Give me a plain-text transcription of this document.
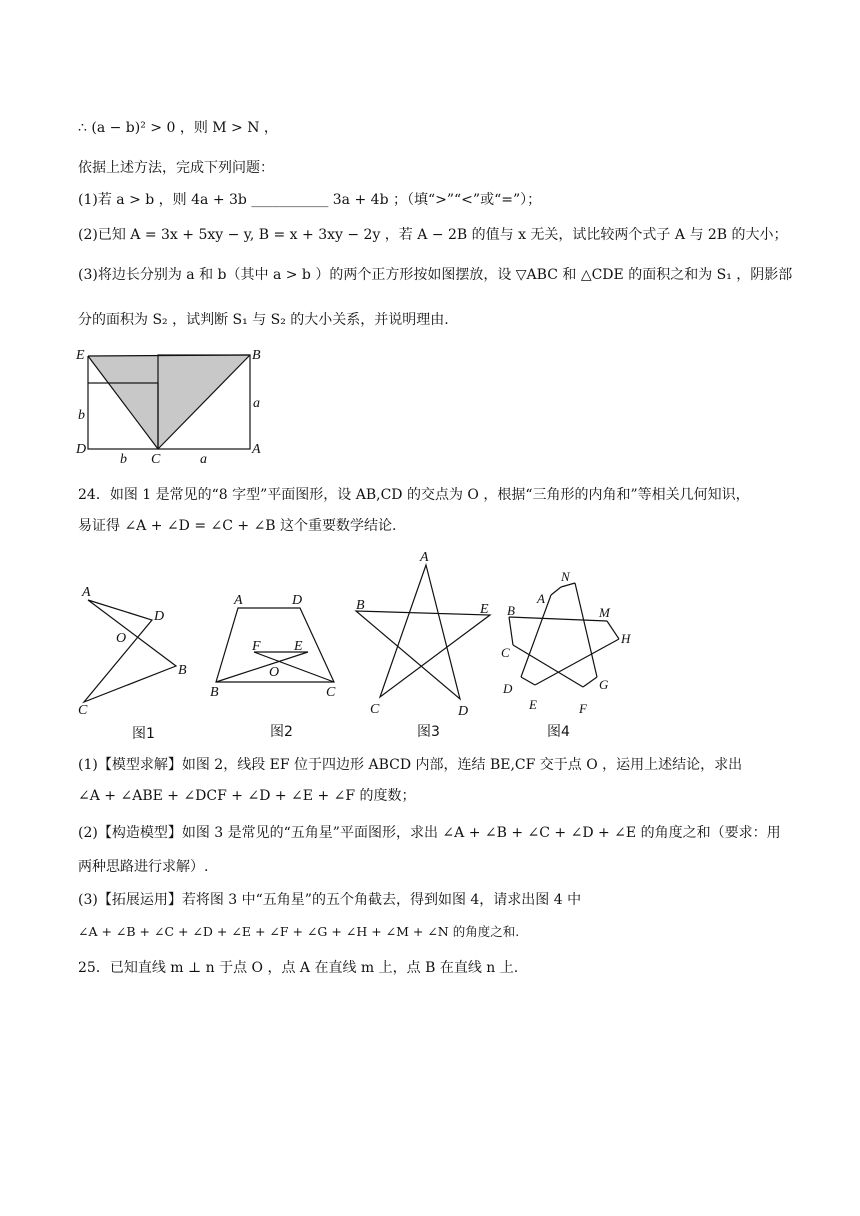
∴ (a − b)² > 0 ，则 M > N ，
依据上述方法，完成下列问题：
(1)若 a > b ，则 4a + 3b ___________ 3a + 4b ；（填“>”“<”或“=”）；
(2)已知 A = 3x + 5xy − y, B = x + 3xy − 2y ，若 A − 2B 的值与 x 无关，试比较两个式子 A 与 2B 的大小；
(3)将边长分别为 a 和 b（其中 a > b ）的两个正方形按如图摆放，设 ▽ABC 和 △CDE 的面积之和为 S₁ ，阴影部
分的面积为 S₂ ，试判断 S₁ 与 S₂ 的大小关系，并说明理由.
E	B
b
a
D
C
A
b	a
24．如图 1 是常见的“8 字型”平面图形，设 AB,CD 的交点为 O ，根据“三角形的内角和”等相关几何知识，
易证得 ∠A + ∠D = ∠C + ∠B 这个重要数学结论.
A
D
O
B
C
图1
A	D
F E
O
B	C
图2
A
B	E
C	D
图3
A
N
B	M
H
C
G
D
E	F
图4
(1)【模型求解】如图 2，线段 EF 位于四边形 ABCD 内部，连结 BE,CF 交于点 O ，运用上述结论，求出
∠A + ∠ABE + ∠DCF + ∠D + ∠E + ∠F 的度数；
(2)【构造模型】如图 3 是常见的“五角星”平面图形，求出 ∠A + ∠B + ∠C + ∠D + ∠E 的角度之和（要求：用
两种思路进行求解）.
(3)【拓展运用】若将图 3 中“五角星”的五个角截去，得到如图 4，请求出图 4 中
∠A + ∠B + ∠C + ∠D + ∠E + ∠F + ∠G + ∠H + ∠M + ∠N 的角度之和.
25．已知直线 m ⊥ n 于点 O ，点 A 在直线 m 上，点 B 在直线 n 上.
